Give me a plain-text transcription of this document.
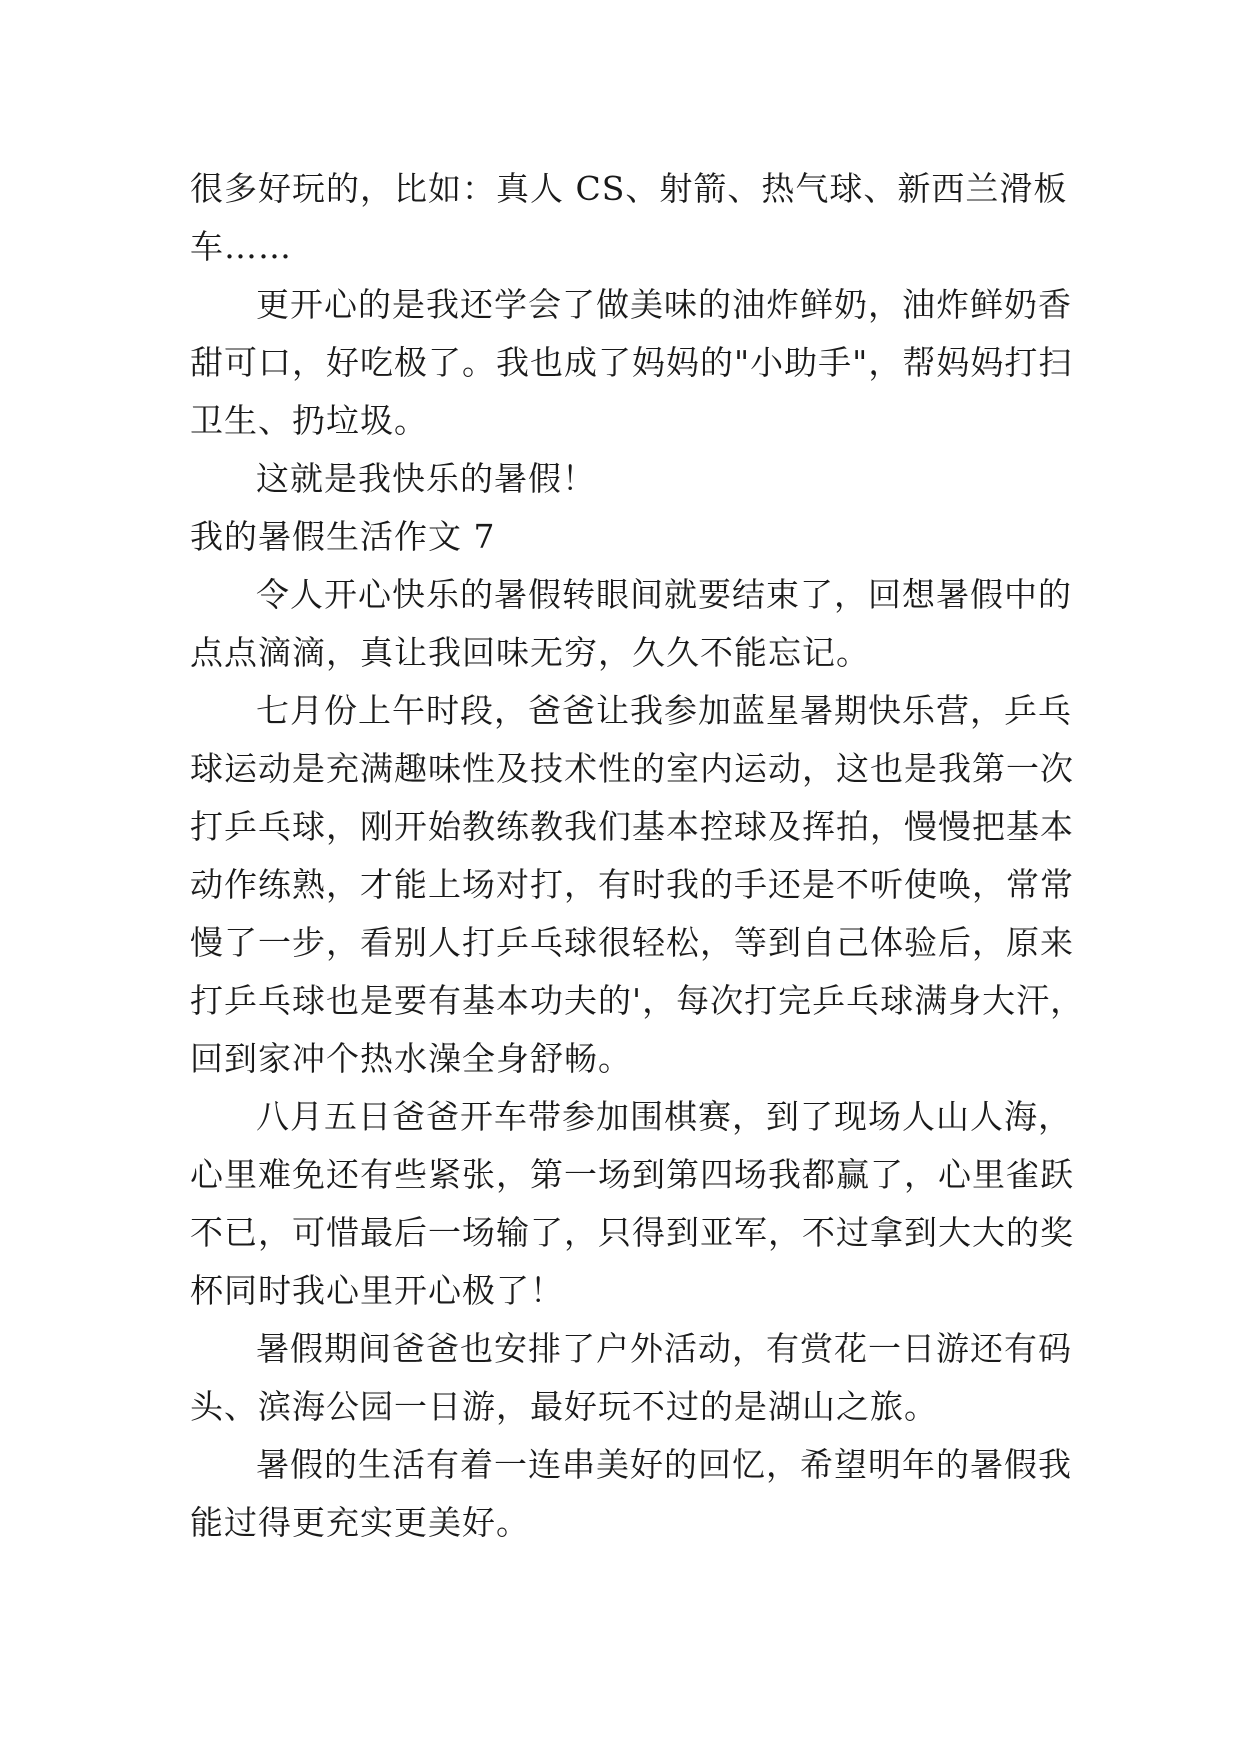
很多好玩的，比如：真人 CS、射箭、热气球、新西兰滑板
车……
更开心的是我还学会了做美味的油炸鲜奶，油炸鲜奶香
甜可口，好吃极了。我也成了妈妈的"小助手"，帮妈妈打扫
卫生、扔垃圾。
这就是我快乐的暑假！
我的暑假生活作文 7
令人开心快乐的暑假转眼间就要结束了，回想暑假中的
点点滴滴，真让我回味无穷，久久不能忘记。
七月份上午时段，爸爸让我参加蓝星暑期快乐营，乒乓
球运动是充满趣味性及技术性的室内运动，这也是我第一次
打乒乓球，刚开始教练教我们基本控球及挥拍，慢慢把基本
动作练熟，才能上场对打，有时我的手还是不听使唤，常常
慢了一步，看别人打乒乓球很轻松，等到自己体验后，原来
打乒乓球也是要有基本功夫的'，每次打完乒乓球满身大汗，
回到家冲个热水澡全身舒畅。
八月五日爸爸开车带参加围棋赛，到了现场人山人海，
心里难免还有些紧张，第一场到第四场我都赢了，心里雀跃
不已，可惜最后一场输了，只得到亚军，不过拿到大大的奖
杯同时我心里开心极了！
暑假期间爸爸也安排了户外活动，有赏花一日游还有码
头、滨海公园一日游，最好玩不过的是湖山之旅。
暑假的生活有着一连串美好的回忆，希望明年的暑假我
能过得更充实更美好。
